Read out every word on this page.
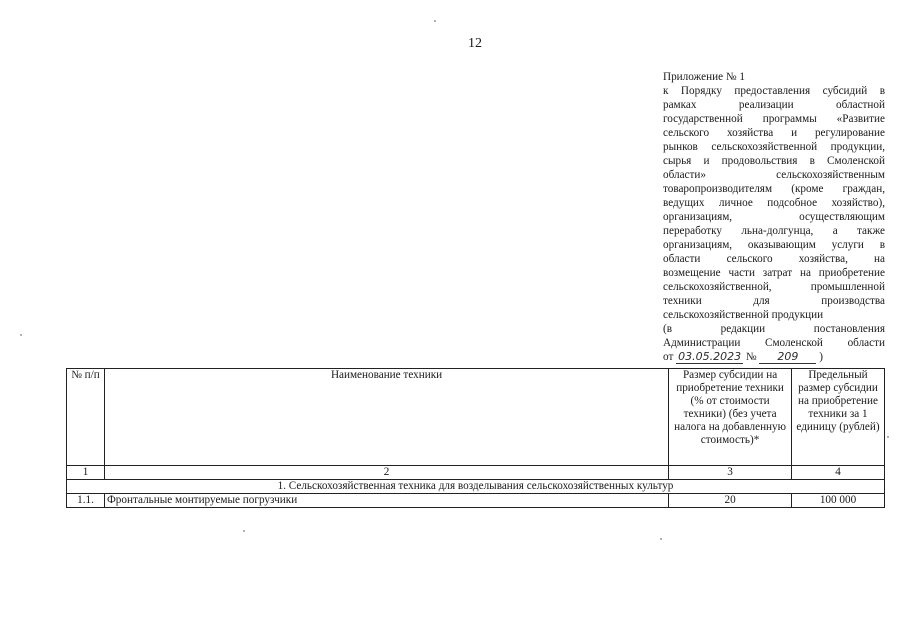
12
Приложение № 1
к Порядку предоставления субсидий в
рамках реализации областной
государственной программы «Развитие
сельского хозяйства и регулирование
рынков сельскохозяйственной продукции,
сырья и продовольствия в Смоленской
области» сельскохозяйственным
товаропроизводителям (кроме граждан,
ведущих личное подсобное хозяйство),
организациям, осуществляющим
переработку льна-долгунца, а также
организациям, оказывающим услуги в
области сельского хозяйства, на
возмещение части затрат на приобретение
сельскохозяйственной, промышленной
техники для производства
сельскохозяйственной продукции
(в редакции постановления
Администрации Смоленской области
от 03.05.2023 № 209 )
№ п/п	Наименование техники	Размер субсидии на приобретение техники (% от стоимости техники) (без учета налога на добавленную стоимость)*	Предельный размер субсидии на приобретение техники за 1 единицу (рублей)
1	2	3	4
1. Сельскохозяйственная техника для возделывания сельскохозяйственных культур			
1.1.	Фронтальные монтируемые погрузчики	20	100 000
